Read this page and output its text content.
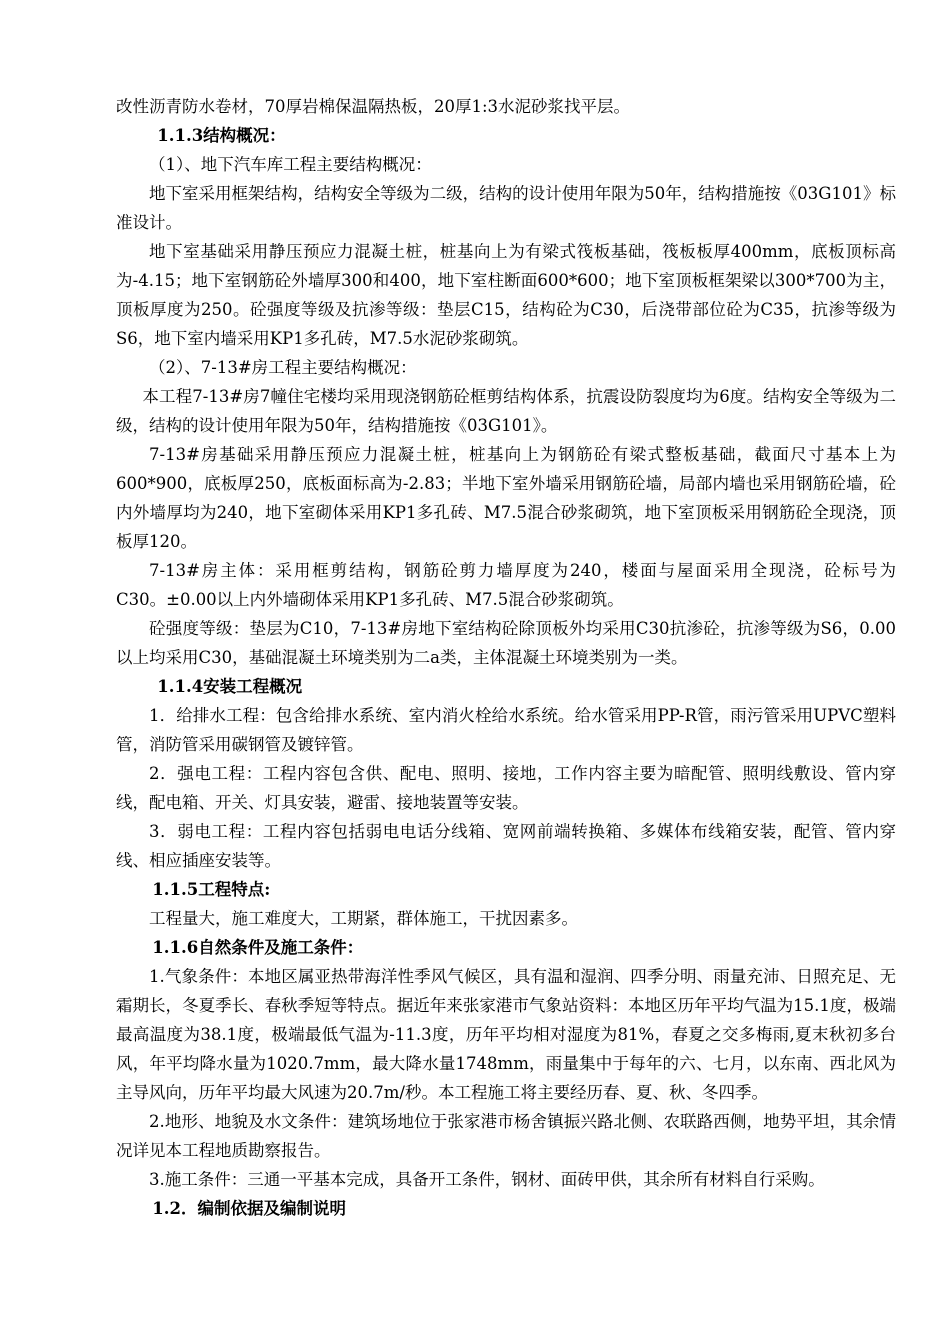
改性沥青防水卷材，70厚岩棉保温隔热板，20厚1:3水泥砂浆找平层。

1.1.3结构概况：

（1）、地下汽车库工程主要结构概况：

地下室采用框架结构，结构安全等级为二级，结构的设计使用年限为50年，结构措施按《03G101》标准设计。

地下室基础采用静压预应力混凝土桩，桩基向上为有梁式筏板基础，筏板板厚400mm，底板顶标高为-4.15；地下室钢筋砼外墙厚300和400，地下室柱断面600*600；地下室顶板框架梁以300*700为主，顶板厚度为250。砼强度等级及抗渗等级：垫层C15，结构砼为C30，后浇带部位砼为C35，抗渗等级为S6，地下室内墙采用KP1多孔砖，M7.5水泥砂浆砌筑。

（2）、7-13#房工程主要结构概况：

本工程7-13#房7幢住宅楼均采用现浇钢筋砼框剪结构体系，抗震设防裂度均为6度。结构安全等级为二级，结构的设计使用年限为50年，结构措施按《03G101》。

7-13#房基础采用静压预应力混凝土桩，桩基向上为钢筋砼有梁式整板基础，截面尺寸基本上为600*900，底板厚250，底板面标高为-2.83；半地下室外墙采用钢筋砼墙，局部内墙也采用钢筋砼墙，砼内外墙厚均为240，地下室砌体采用KP1多孔砖、M7.5混合砂浆砌筑，地下室顶板采用钢筋砼全现浇，顶板厚120。

7-13#房主体：采用框剪结构，钢筋砼剪力墙厚度为240，楼面与屋面采用全现浇，砼标号为C30。±0.00以上内外墙砌体采用KP1多孔砖、M7.5混合砂浆砌筑。

砼强度等级：垫层为C10，7-13#房地下室结构砼除顶板外均采用C30抗渗砼，抗渗等级为S6，0.00以上均采用C30，基础混凝土环境类别为二a类，主体混凝土环境类别为一类。

1.1.4安装工程概况

1．给排水工程：包含给排水系统、室内消火栓给水系统。给水管采用PP-R管，雨污管采用UPVC塑料管，消防管采用碳钢管及镀锌管。

2．强电工程：工程内容包含供、配电、照明、接地，工作内容主要为暗配管、照明线敷设、管内穿线，配电箱、开关、灯具安装，避雷、接地装置等安装。

3．弱电工程：工程内容包括弱电电话分线箱、宽网前端转换箱、多媒体布线箱安装，配管、管内穿线、相应插座安装等。

1.1.5工程特点:

工程量大，施工难度大，工期紧，群体施工，干扰因素多。

1.1.6自然条件及施工条件：

1.气象条件：本地区属亚热带海洋性季风气候区，具有温和湿润、四季分明、雨量充沛、日照充足、无霜期长，冬夏季长、春秋季短等特点。据近年来张家港市气象站资料：本地区历年平均气温为15.1度，极端最高温度为38.1度，极端最低气温为-11.3度，历年平均相对湿度为81%，春夏之交多梅雨,夏末秋初多台风，年平均降水量为1020.7mm，最大降水量1748mm，雨量集中于每年的六、七月，以东南、西北风为主导风向，历年平均最大风速为20.7m/秒。本工程施工将主要经历春、夏、秋、冬四季。

2.地形、地貌及水文条件：建筑场地位于张家港市杨舍镇振兴路北侧、农联路西侧，地势平坦，其余情况详见本工程地质勘察报告。

3.施工条件：三通一平基本完成，具备开工条件，钢材、面砖甲供，其余所有材料自行采购。

1.2．编制依据及编制说明
